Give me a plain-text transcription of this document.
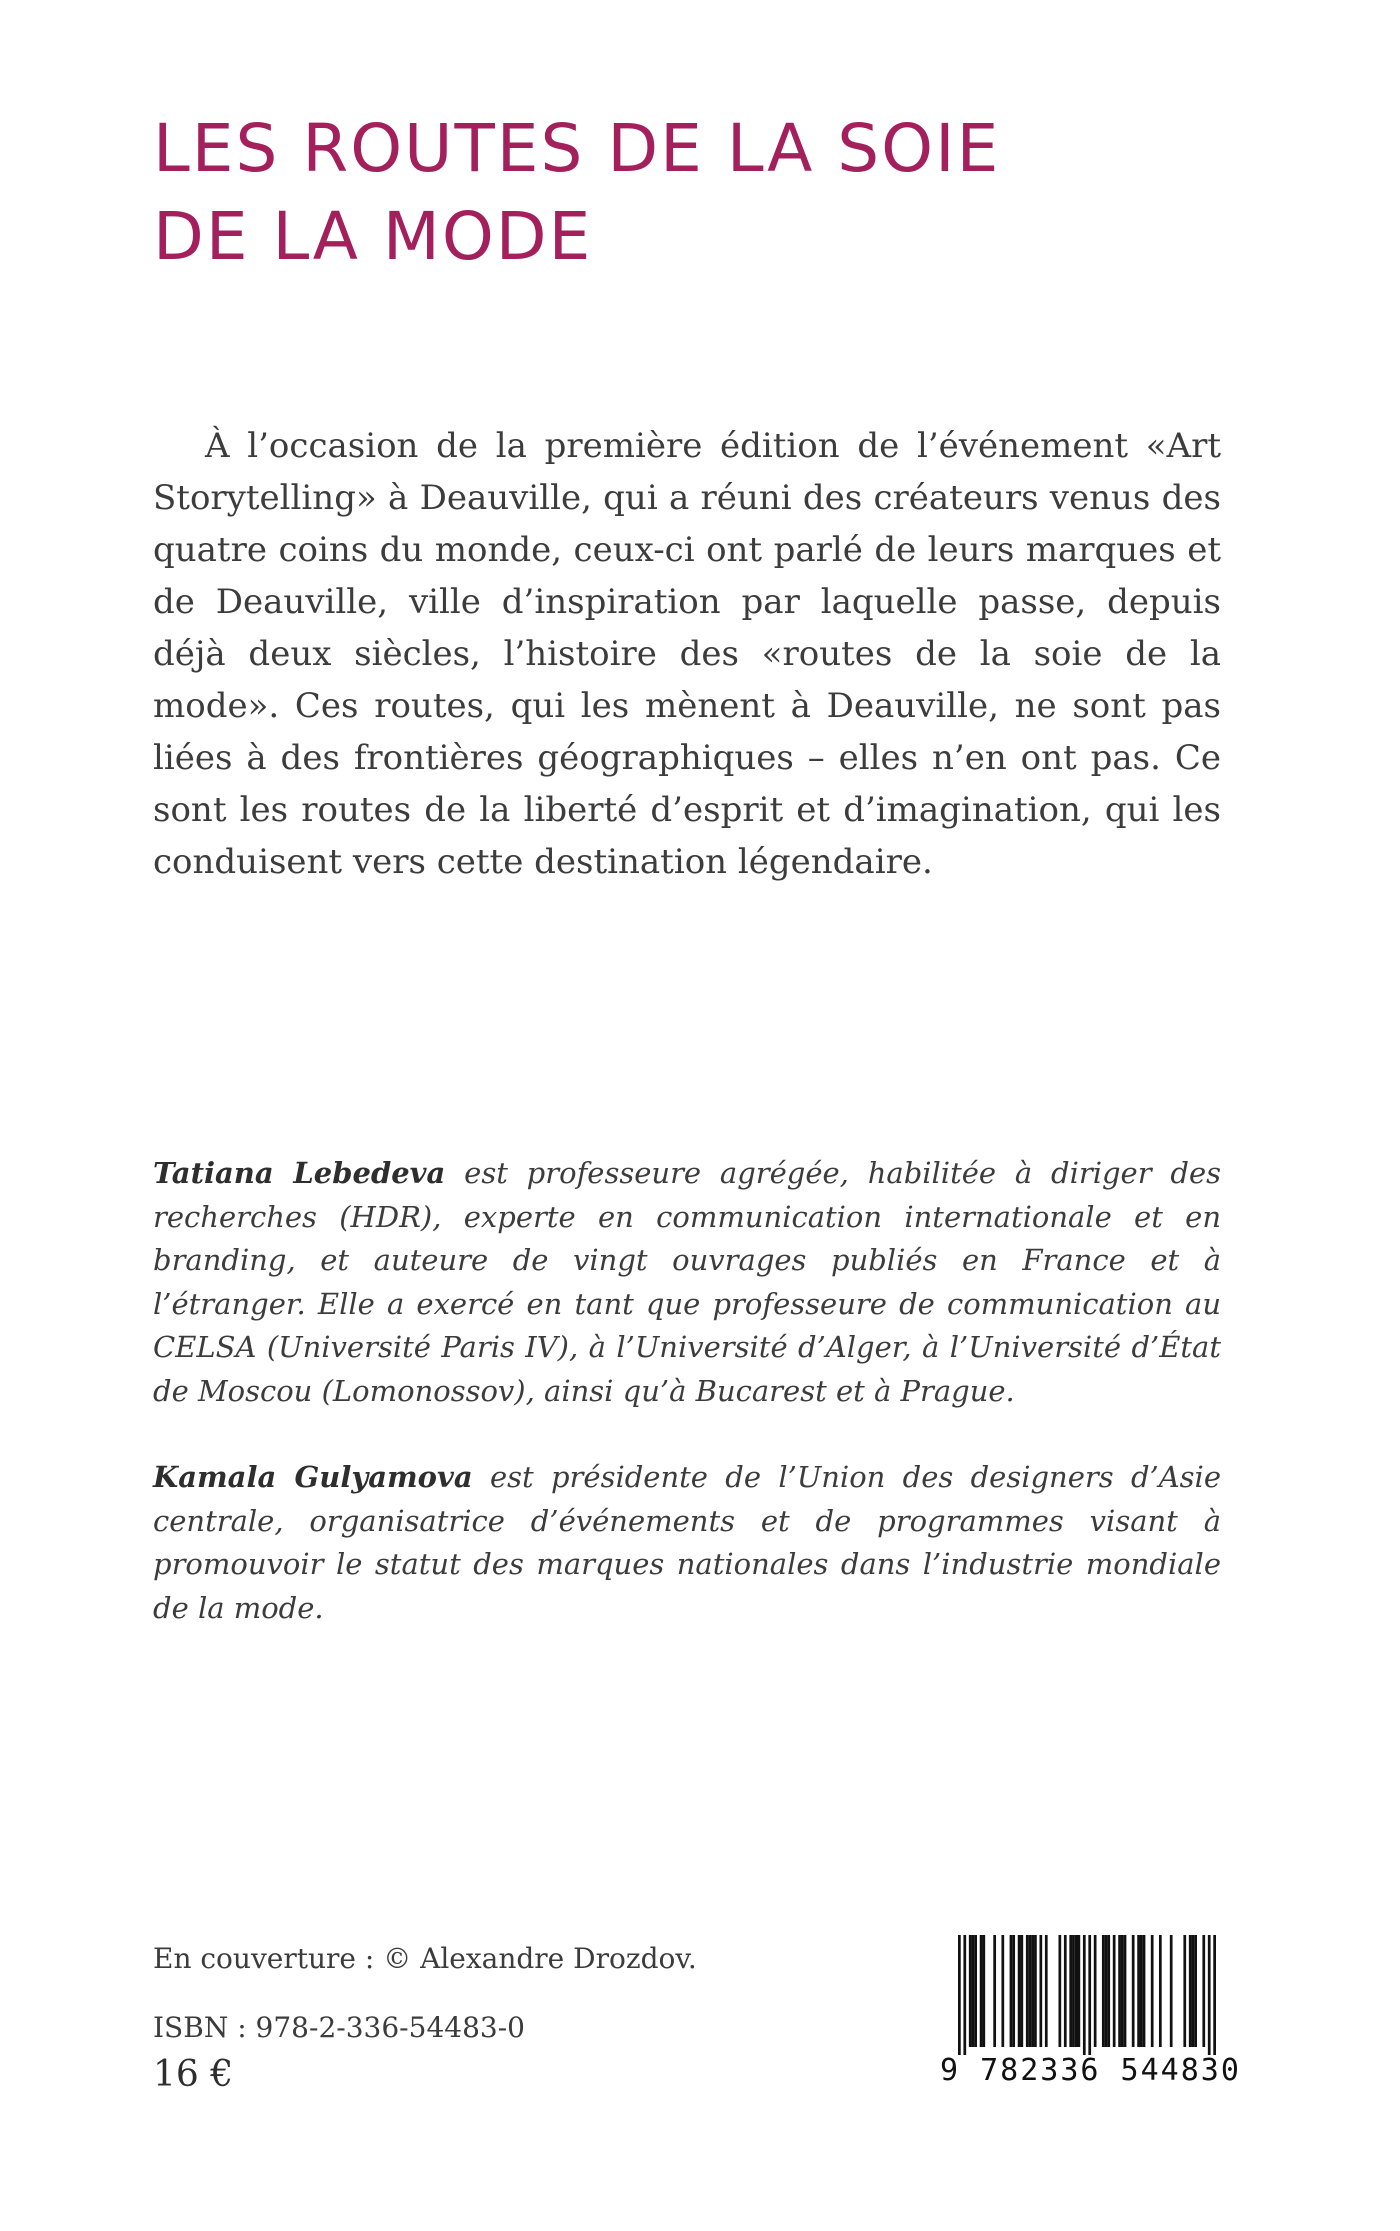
LES ROUTES DE LA SOIE
DE LA MODE

À l’occasion de la première édition de l’événement «Art Storytelling» à Deauville, qui a réuni des créateurs venus des quatre coins du monde, ceux-ci ont parlé de leurs marques et de Deauville, ville d’inspiration par laquelle passe, depuis déjà deux siècles, l’histoire des «routes de la soie de la mode». Ces routes, qui les mènent à Deauville, ne sont pas liées à des frontières géographiques – elles n’en ont pas. Ce sont les routes de la liberté d’esprit et d’imagination, qui les conduisent vers cette destination légendaire.

Tatiana Lebedeva est professeure agrégée, habilitée à diriger des recherches (HDR), experte en communication internationale et en branding, et auteure de vingt ouvrages publiés en France et à l’étranger. Elle a exercé en tant que professeure de communication au CELSA (Université Paris IV), à l’Université d’Alger, à l’Université d’État de Moscou (Lomonossov), ainsi qu’à Bucarest et à Prague.

Kamala Gulyamova est présidente de l’Union des designers d’Asie centrale, organisatrice d’événements et de programmes visant à promouvoir le statut des marques nationales dans l’industrie mondiale de la mode.

En couverture : © Alexandre Drozdov.
ISBN : 978-2-336-54483-0
16 €	9 782336 544830
